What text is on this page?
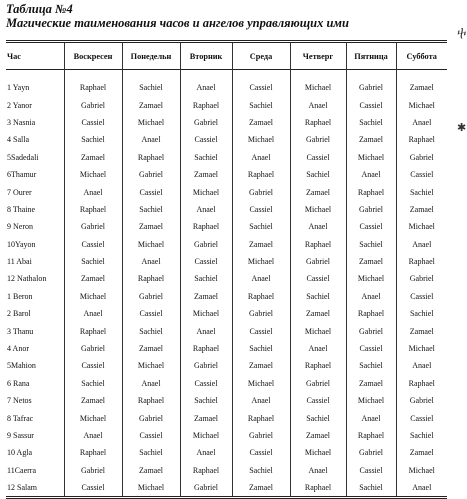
Таблица №4
Магические таименования часов и ангелов управляющих ими
ⴕ
✱
Час	Воскресен	Понедельн	Вторник	Среда	Четверг	Пятница	Суббота

1 Yayn	Raphael	Sachiel	Anael	Cassiel	Michael	Gabriel	Zamael
2 Yanor	Gabriel	Zamael	Raphael	Sachiel	Anael	Cassiel	Michael
3 Nasnia	Cassiel	Michael	Gabriel	Zamael	Raphael	Sachiel	Anael
4 Salla	Sachiel	Anael	Cassiel	Michael	Gabriel	Zamael	Raphael
5Sadedali	Zamael	Raphael	Sachiel	Anael	Cassiel	Michael	Gabriel
6Thamur	Michael	Gabriel	Zamael	Raphael	Sachiel	Anael	Cassiel
7 Ourer	Anael	Cassiel	Michael	Gabriel	Zamael	Raphael	Sachiel
8 Thaine	Raphael	Sachiel	Anael	Cassiel	Michael	Gabriel	Zamael
9 Neron	Gabriel	Zamael	Raphael	Sachiel	Anael	Cassiel	Michael
10Yayon	Cassiel	Michael	Gabriel	Zamael	Raphael	Sachiel	Anael
11 Abai	Sachiel	Anael	Cassiel	Michael	Gabriel	Zamael	Raphael
12 Nathalon	Zamael	Raphael	Sachiel	Anael	Cassiel	Michael	Gabriel
1 Beron	Michael	Gabriel	Zamael	Raphael	Sachiel	Anael	Cassiel
2 Barol	Anael	Cassiel	Michael	Gabriel	Zamael	Raphael	Sachiel
3 Thanu	Raphael	Sachiel	Anael	Cassiel	Michael	Gabriel	Zamael
4 Anor	Gabriel	Zamael	Raphael	Sachiel	Anael	Cassiel	Michael
5Mahion	Cassiel	Michael	Gabriel	Zamael	Raphael	Sachiel	Anael
6 Rana	Sachiel	Anael	Cassiel	Michael	Gabriel	Zamael	Raphael
7 Netos	Zamael	Raphael	Sachiel	Anael	Cassiel	Michael	Gabriel
8 Tafrac	Michael	Gabriel	Zamael	Raphael	Sachiel	Anael	Cassiel
9 Sassur	Anael	Cassiel	Michael	Gabriel	Zamael	Raphael	Sachiel
10 Agla	Raphael	Sachiel	Anael	Cassiel	Michael	Gabriel	Zamael
11Caerra	Gabriel	Zamael	Raphael	Sachiel	Anael	Cassiel	Michael
12 Salam	Cassiel	Michael	Gabriel	Zamael	Raphael	Sachiel	Anael
